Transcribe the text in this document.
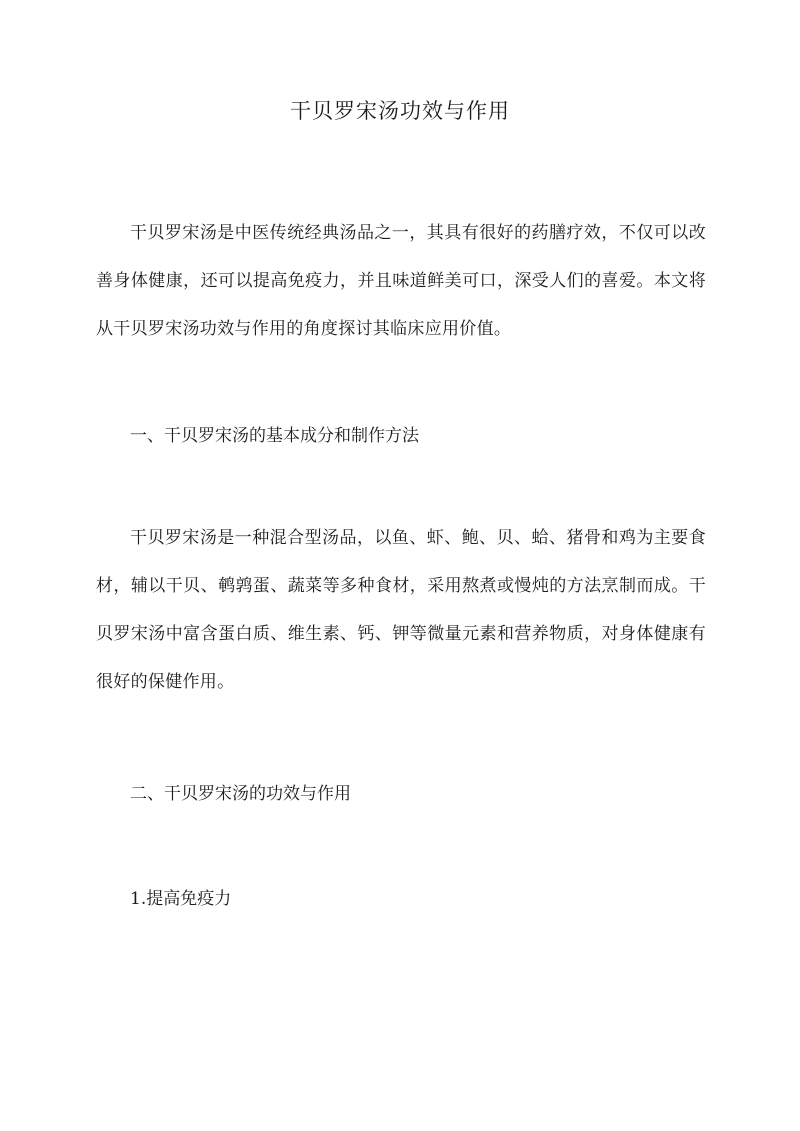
干贝罗宋汤功效与作用

干贝罗宋汤是中医传统经典汤品之一，其具有很好的药膳疗效，不仅可以改善身体健康，还可以提高免疫力，并且味道鲜美可口，深受人们的喜爱。本文将从干贝罗宋汤功效与作用的角度探讨其临床应用价值。

一、干贝罗宋汤的基本成分和制作方法

干贝罗宋汤是一种混合型汤品，以鱼、虾、鲍、贝、蛤、猪骨和鸡为主要食材，辅以干贝、鹌鹑蛋、蔬菜等多种食材，采用熬煮或慢炖的方法烹制而成。干贝罗宋汤中富含蛋白质、维生素、钙、钾等微量元素和营养物质，对身体健康有很好的保健作用。

二、干贝罗宋汤的功效与作用
1.提高免疫力
